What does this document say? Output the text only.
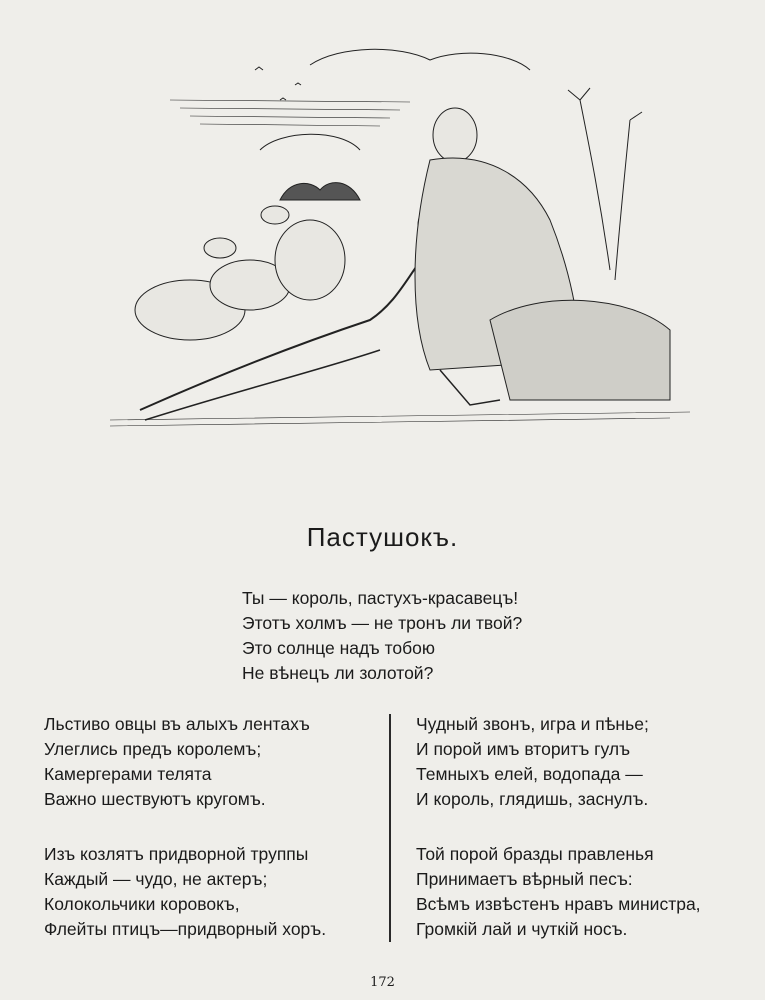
Пастушокъ.
Ты — король, пастухъ-красавецъ!
Этотъ холмъ — не тронъ ли твой?
Это солнце надъ тобою
Не вѣнецъ ли золотой?
Льстиво овцы въ алыхъ лентахъ
Улеглись предъ королемъ;
Камергерами телята
Важно шествуютъ кругомъ.
Чудный звонъ, игра и пѣнье;
И порой имъ вторитъ гулъ
Темныхъ елей, водопада —
И король, глядишь, заснулъ.
Изъ козлятъ придворной труппы
Каждый — чудо, не актеръ;
Колокольчики коровокъ,
Флейты птицъ—придворный хоръ.
Той порой бразды правленья
Принимаетъ вѣрный песъ:
Всѣмъ извѣстенъ нравъ министра,
Громкій лай и чуткій носъ.
172
